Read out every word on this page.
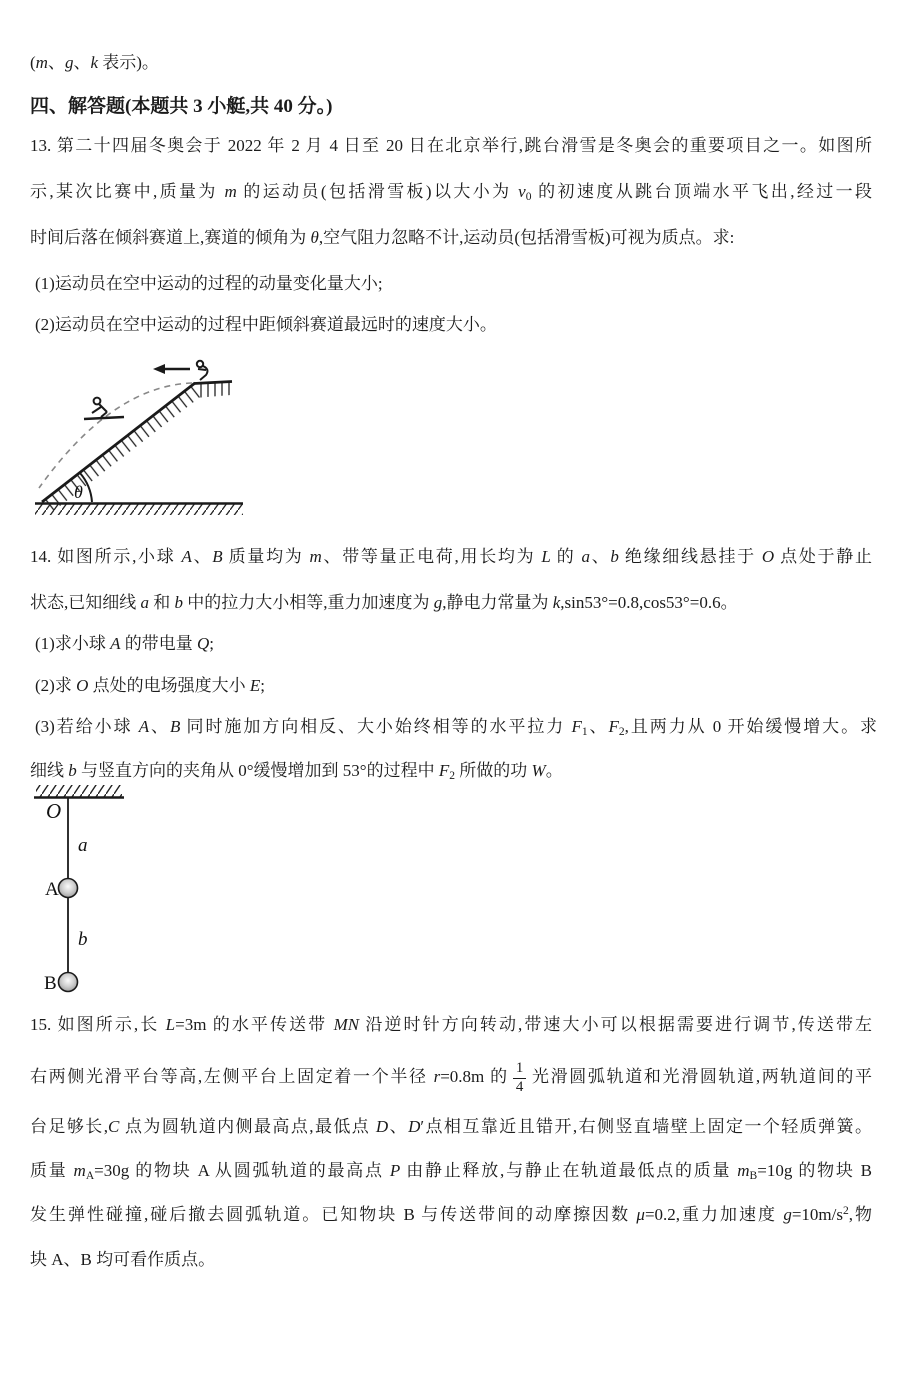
(m、g、k 表示)。
四、解答题(本题共 3 小艇,共 40 分。)
13. 第二十四届冬奥会于 2022 年 2 月 4 日至 20 日在北京举行,跳台滑雪是冬奥会的重要项目之一。如图所
示,某次比赛中,质量为 m 的运动员(包括滑雪板)以大小为 v0 的初速度从跳台顶端水平飞出,经过一段
时间后落在倾斜赛道上,赛道的倾角为 θ,空气阻力忽略不计,运动员(包括滑雪板)可视为质点。求:
(1)运动员在空中运动的过程的动量变化量大小;
(2)运动员在空中运动的过程中距倾斜赛道最远时的速度大小。
θ
14. 如图所示,小球 A、B 质量均为 m、带等量正电荷,用长均为 L 的 a、b 绝缘细线悬挂于 O 点处于静止
状态,已知细线 a 和 b 中的拉力大小相等,重力加速度为 g,静电力常量为 k,sin53°=0.8,cos53°=0.6。
(1)求小球 A 的带电量 Q;
(2)求 O 点处的电场强度大小 E;
(3)若给小球 A、B 同时施加方向相反、大小始终相等的水平拉力 F1、F2,且两力从 0 开始缓慢增大。求
细线 b 与竖直方向的夹角从 0°缓慢增加到 53°的过程中 F2 所做的功 W。
O
a
A
b
B
15. 如图所示,长 L=3m 的水平传送带 MN 沿逆时针方向转动,带速大小可以根据需要进行调节,传送带左
右两侧光滑平台等高,左侧平台上固定着一个半径 r=0.8m 的 $\frac{1}{4}$ 光滑圆弧轨道和光滑圆轨道,两轨道间的平
台足够长,C 点为圆轨道内侧最高点,最低点 D、D′点相互靠近且错开,右侧竖直墙壁上固定一个轻质弹簧。
质量 mA=30g 的物块 A 从圆弧轨道的最高点 P 由静止释放,与静止在轨道最低点的质量 mB=10g 的物块 B
发生弹性碰撞,碰后撤去圆弧轨道。已知物块 B 与传送带间的动摩擦因数 μ=0.2,重力加速度 $g=10m/s^2$,物
块 A、B 均可看作质点。
